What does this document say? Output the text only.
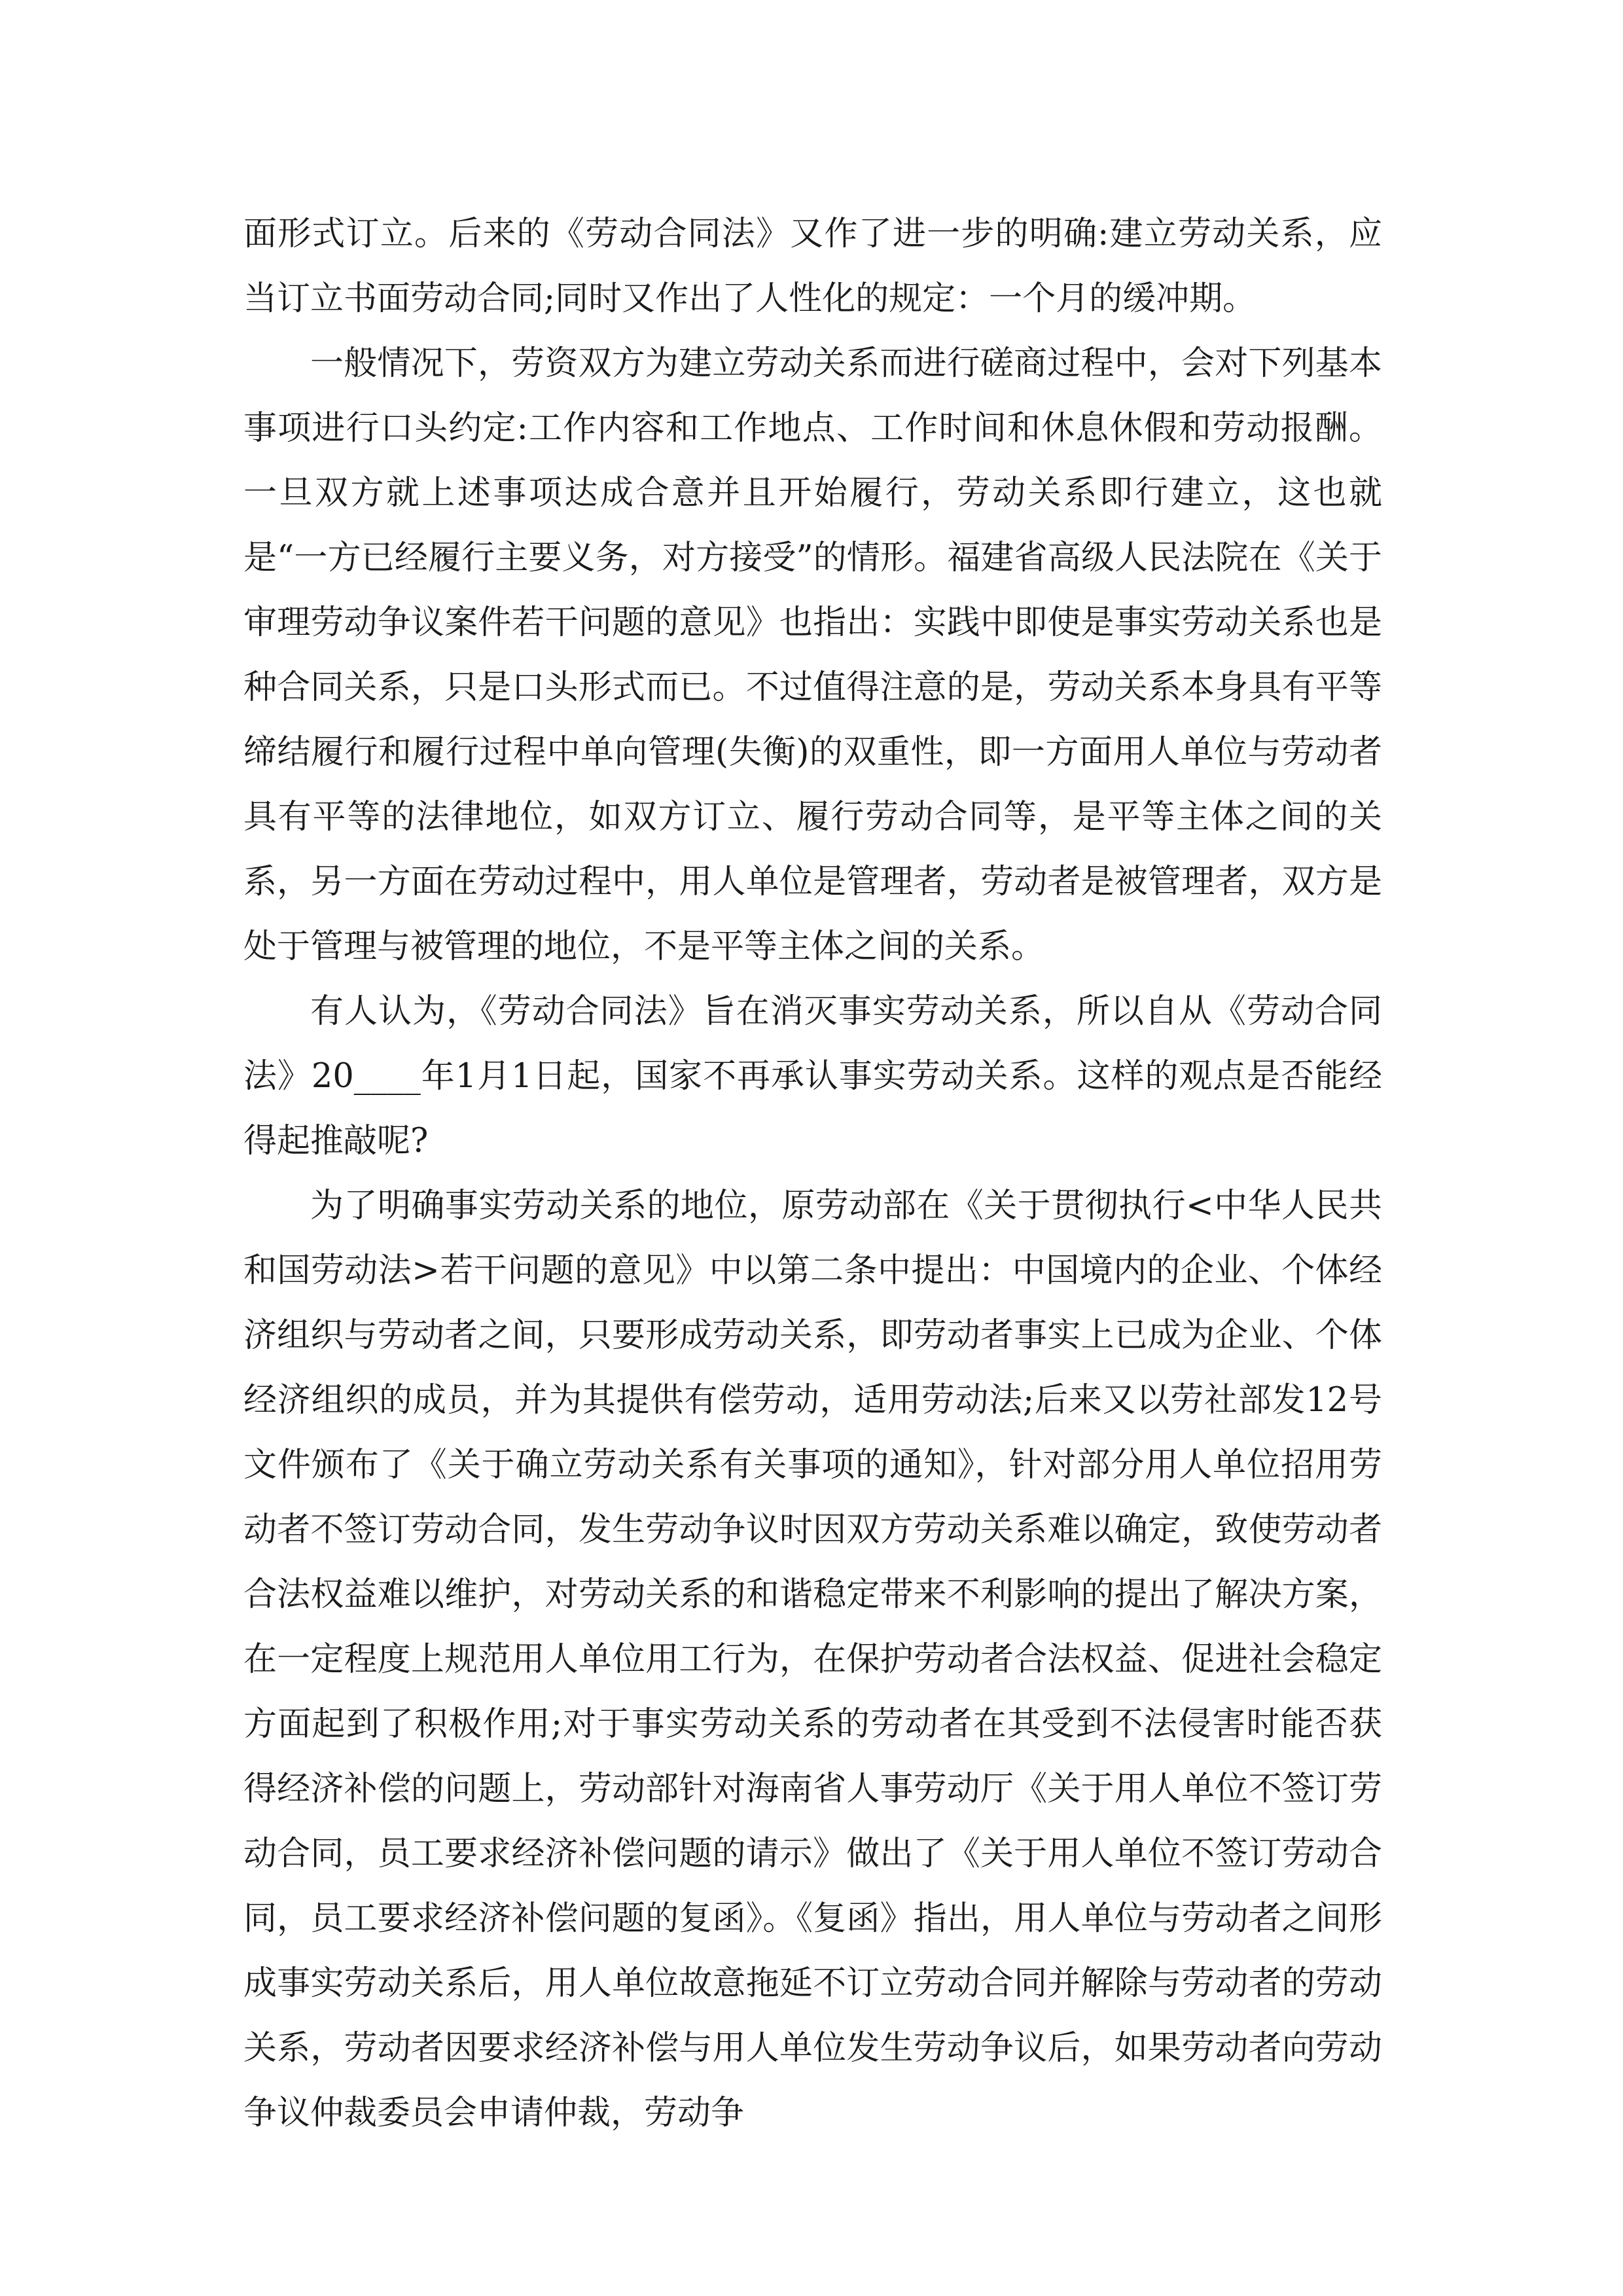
面形式订立。后来的《劳动合同法》又作了进一步的明确:建立劳动关系，应当订立书面劳动合同;同时又作出了人性化的规定：一个月的缓冲期。

一般情况下，劳资双方为建立劳动关系而进行磋商过程中，会对下列基本事项进行口头约定:工作内容和工作地点、工作时间和休息休假和劳动报酬。一旦双方就上述事项达成合意并且开始履行，劳动关系即行建立，这也就是“一方已经履行主要义务，对方接受”的情形。福建省高级人民法院在《关于审理劳动争议案件若干问题的意见》也指出：实践中即使是事实劳动关系也是种合同关系，只是口头形式而已。不过值得注意的是，劳动关系本身具有平等缔结履行和履行过程中单向管理(失衡)的双重性，即一方面用人单位与劳动者具有平等的法律地位，如双方订立、履行劳动合同等，是平等主体之间的关系，另一方面在劳动过程中，用人单位是管理者，劳动者是被管理者，双方是处于管理与被管理的地位，不是平等主体之间的关系。

有人认为，《劳动合同法》旨在消灭事实劳动关系，所以自从《劳动合同法》20____年1月1日起，国家不再承认事实劳动关系。这样的观点是否能经得起推敲呢?

为了明确事实劳动关系的地位，原劳动部在《关于贯彻执行<中华人民共和国劳动法>若干问题的意见》中以第二条中提出：中国境内的企业、个体经济组织与劳动者之间，只要形成劳动关系，即劳动者事实上已成为企业、个体经济组织的成员，并为其提供有偿劳动，适用劳动法;后来又以劳社部发12号文件颁布了《关于确立劳动关系有关事项的通知》，针对部分用人单位招用劳动者不签订劳动合同，发生劳动争议时因双方劳动关系难以确定，致使劳动者合法权益难以维护，对劳动关系的和谐稳定带来不利影响的提出了解决方案，在一定程度上规范用人单位用工行为，在保护劳动者合法权益、促进社会稳定方面起到了积极作用;对于事实劳动关系的劳动者在其受到不法侵害时能否获得经济补偿的问题上，劳动部针对海南省人事劳动厅《关于用人单位不签订劳动合同，员工要求经济补偿问题的请示》做出了《关于用人单位不签订劳动合同，员工要求经济补偿问题的复函》。《复函》指出，用人单位与劳动者之间形成事实劳动关系后，用人单位故意拖延不订立劳动合同并解除与劳动者的劳动关系，劳动者因要求经济补偿与用人单位发生劳动争议后，如果劳动者向劳动争议仲裁委员会申请仲裁，劳动争
